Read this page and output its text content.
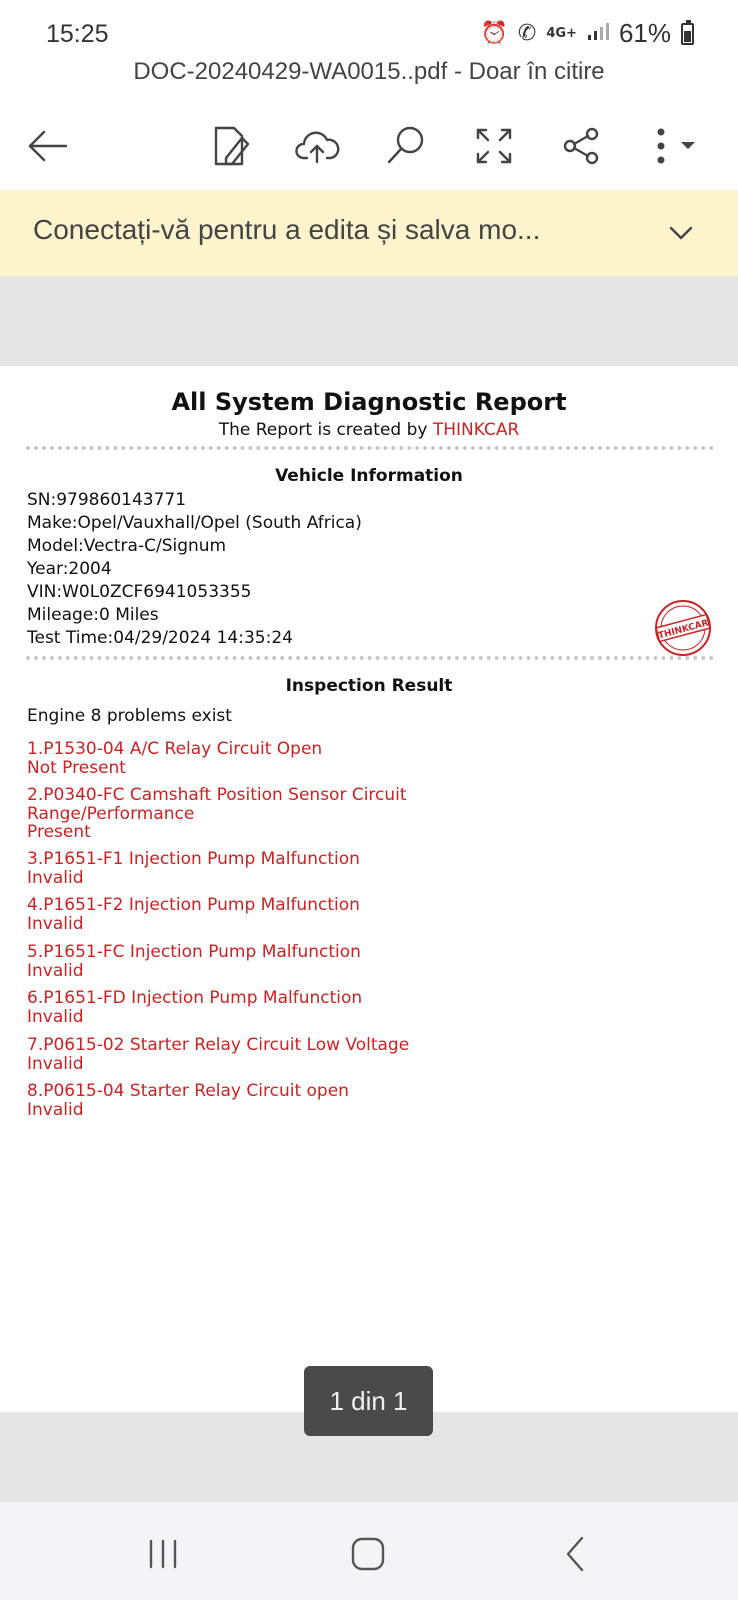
15:25	⏰ ✆ 4G+ 61%
DOC-20240429-WA0015..pdf - Doar în citire
Conectați-vă pentru a edita și salva mo...
All System Diagnostic Report
The Report is created by THINKCAR
Vehicle Information
SN:979860143771
Make:Opel/Vauxhall/Opel (South Africa)
Model:Vectra-C/Signum
Year:2004
VIN:W0L0ZCF6941053355
Mileage:0 Miles
Test Time:04/29/2024 14:35:24	THINKCAR
Inspection Result
Engine 8 problems exist
1.P1530-04 A/C Relay Circuit Open
Not Present
2.P0340-FC Camshaft Position Sensor Circuit
Range/Performance
Present
3.P1651-F1 Injection Pump Malfunction
Invalid
4.P1651-F2 Injection Pump Malfunction
Invalid
5.P1651-FC Injection Pump Malfunction
Invalid
6.P1651-FD Injection Pump Malfunction
Invalid
7.P0615-02 Starter Relay Circuit Low Voltage
Invalid
8.P0615-04 Starter Relay Circuit open
Invalid
1 din 1
